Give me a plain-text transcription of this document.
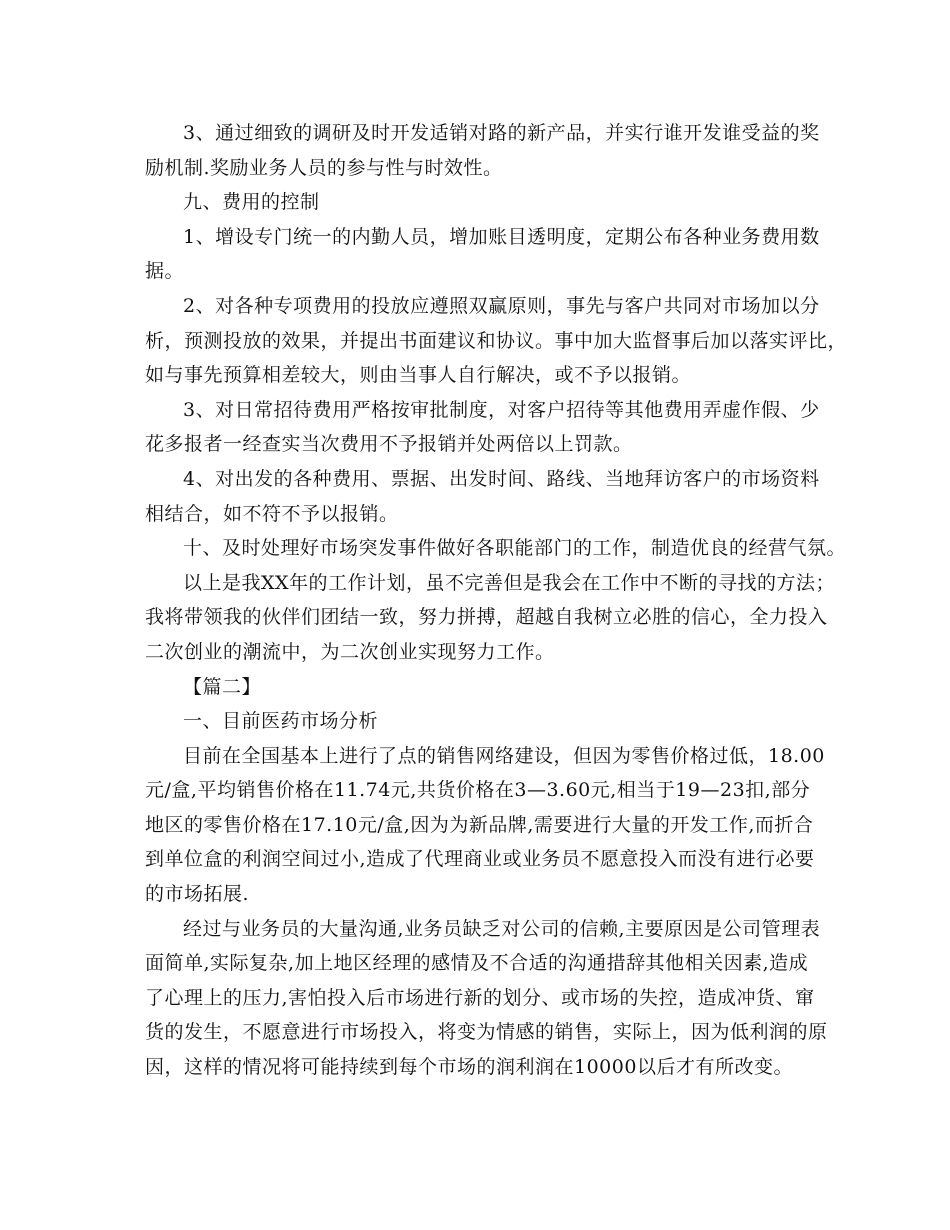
3、通过细致的调研及时开发适销对路的新产品，并实行谁开发谁受益的奖
励机制.奖励业务人员的参与性与时效性。

九、费用的控制

1、增设专门统一的内勤人员，增加账目透明度，定期公布各种业务费用数
据。

2、对各种专项费用的投放应遵照双赢原则，事先与客户共同对市场加以分
析，预测投放的效果，并提出书面建议和协议。事中加大监督事后加以落实评比，
如与事先预算相差较大，则由当事人自行解决，或不予以报销。

3、对日常招待费用严格按审批制度，对客户招待等其他费用弄虚作假、少
花多报者一经查实当次费用不予报销并处两倍以上罚款。

4、对出发的各种费用、票据、出发时间、路线、当地拜访客户的市场资料
相结合，如不符不予以报销。

十、及时处理好市场突发事件做好各职能部门的工作，制造优良的经营气氛。

以上是我XX年的工作计划，虽不完善但是我会在工作中不断的寻找的方法；
我将带领我的伙伴们团结一致，努力拼搏，超越自我树立必胜的信心，全力投入
二次创业的潮流中，为二次创业实现努力工作。

【篇二】

一、目前医药市场分析

目前在全国基本上进行了点的销售网络建设，但因为零售价格过低，18.00
元/盒,平均销售价格在11.74元,共货价格在3—3.60元,相当于19—23扣,部分
地区的零售价格在17.10元/盒,因为为新品牌,需要进行大量的开发工作,而折合
到单位盒的利润空间过小,造成了代理商业或业务员不愿意投入而没有进行必要
的市场拓展.

经过与业务员的大量沟通,业务员缺乏对公司的信赖,主要原因是公司管理表
面简单,实际复杂,加上地区经理的感情及不合适的沟通措辞其他相关因素,造成
了心理上的压力,害怕投入后市场进行新的划分、或市场的失控，造成冲货、窜
货的发生，不愿意进行市场投入，将变为情感的销售，实际上，因为低利润的原
因，这样的情况将可能持续到每个市场的润利润在10000以后才有所改变。
